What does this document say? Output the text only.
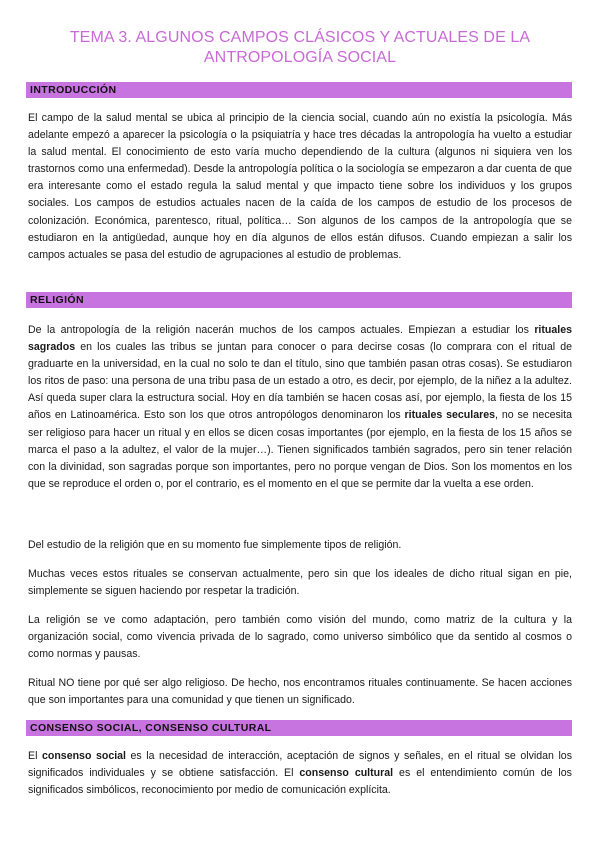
TEMA 3. ALGUNOS CAMPOS CLÁSICOS Y ACTUALES DE LA ANTROPOLOGÍA SOCIAL
INTRODUCCIÓN

El campo de la salud mental se ubica al principio de la ciencia social, cuando aún no existía la psicología. Más adelante empezó a aparecer la psicología o la psiquiatría y hace tres décadas la antropología ha vuelto a estudiar la salud mental. El conocimiento de esto varía mucho dependiendo de la cultura (algunos ni siquiera ven los trastornos como una enfermedad). Desde la antropología política o la sociología se empezaron a dar cuenta de que era interesante como el estado regula la salud mental y que impacto tiene sobre los individuos y los grupos sociales. Los campos de estudios actuales nacen de la caída de los campos de estudio de los procesos de colonización. Económica, parentesco, ritual, política… Son algunos de los campos de la antropología que se estudiaron en la antigüedad, aunque hoy en día algunos de ellos están difusos. Cuando empiezan a salir los campos actuales se pasa del estudio de agrupaciones al estudio de problemas.

RELIGIÓN

De la antropología de la religión nacerán muchos de los campos actuales. Empiezan a estudiar los rituales sagrados en los cuales las tribus se juntan para conocer o para decirse cosas (lo comprara con el ritual de graduarte en la universidad, en la cual no solo te dan el título, sino que también pasan otras cosas). Se estudiaron los ritos de paso: una persona de una tribu pasa de un estado a otro, es decir, por ejemplo, de la niñez a la adultez. Así queda super clara la estructura social. Hoy en día también se hacen cosas así, por ejemplo, la fiesta de los 15 años en Latinoamérica. Esto son los que otros antropólogos denominaron los rituales seculares, no se necesita ser religioso para hacer un ritual y en ellos se dicen cosas importantes (por ejemplo, en la fiesta de los 15 años se marca el paso a la adultez, el valor de la mujer…). Tienen significados también sagrados, pero sin tener relación con la divinidad, son sagradas porque son importantes, pero no porque vengan de Dios. Son los momentos en los que se reproduce el orden o, por el contrario, es el momento en el que se permite dar la vuelta a ese orden.

Del estudio de la religión que en su momento fue simplemente tipos de religión.

Muchas veces estos rituales se conservan actualmente, pero sin que los ideales de dicho ritual sigan en pie, simplemente se siguen haciendo por respetar la tradición.

La religión se ve como adaptación, pero también como visión del mundo, como matriz de la cultura y la organización social, como vivencia privada de lo sagrado, como universo simbólico que da sentido al cosmos o como normas y pausas.

Ritual NO tiene por qué ser algo religioso. De hecho, nos encontramos rituales continuamente. Se hacen acciones que son importantes para una comunidad y que tienen un significado.

CONSENSO SOCIAL, CONSENSO CULTURAL

El consenso social es la necesidad de interacción, aceptación de signos y señales, en el ritual se olvidan los significados individuales y se obtiene satisfacción. El consenso cultural es el entendimiento común de los significados simbólicos, reconocimiento por medio de comunicación explícita.
